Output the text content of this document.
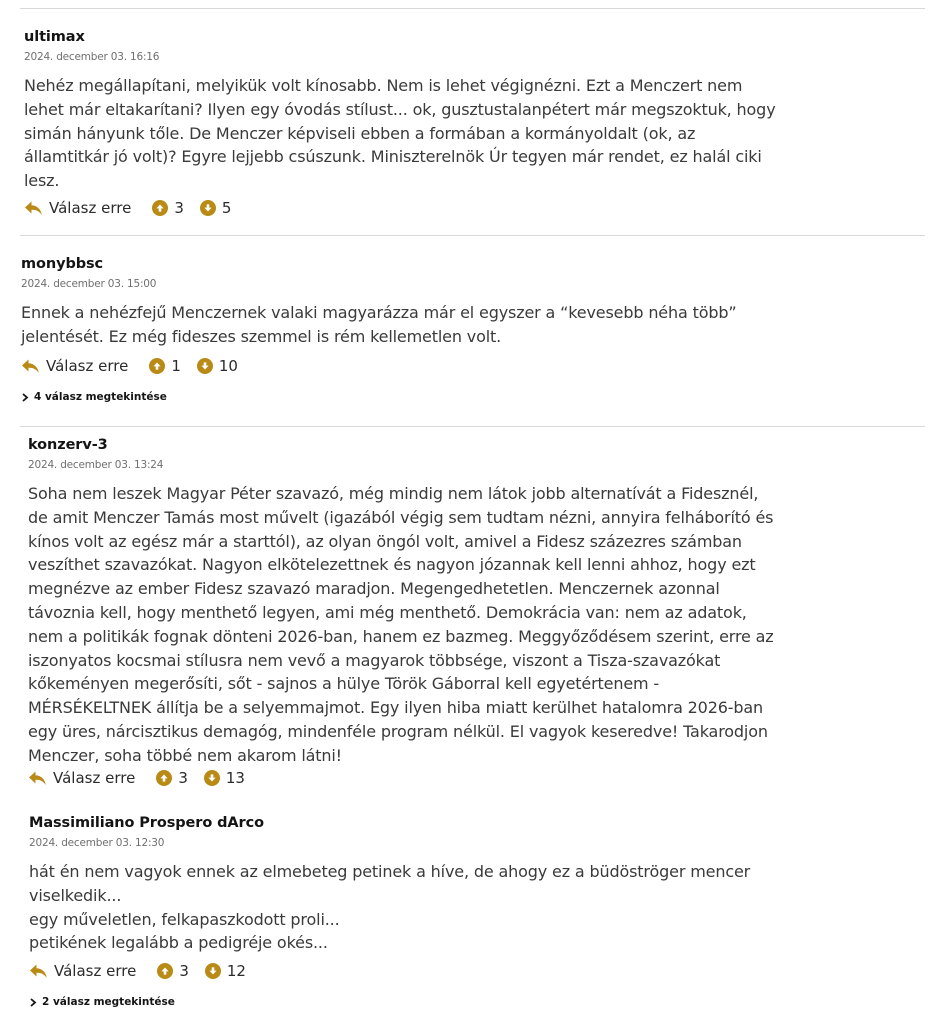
ultimax
2024. december 03. 16:16
Nehéz megállapítani, melyikük volt kínosabb. Nem is lehet végignézni. Ezt a Menczert nem
lehet már eltakarítani? Ilyen egy óvodás stílust... ok, gusztustalanpétert már megszoktuk, hogy
simán hányunk tőle. De Menczer képviseli ebben a formában a kormányoldalt (ok, az
államtitkár jó volt)? Egyre lejjebb csúszunk. Miniszterelnök Úr tegyen már rendet, ez halál ciki
lesz.
Válasz erre	3	5
monybbsc
2024. december 03. 15:00
Ennek a nehézfejű Menczernek valaki magyarázza már el egyszer a “kevesebb néha több”
jelentését. Ez még fideszes szemmel is rém kellemetlen volt.
Válasz erre	1	10
4 válasz megtekintése
konzerv-3
2024. december 03. 13:24
Soha nem leszek Magyar Péter szavazó, még mindig nem látok jobb alternatívát a Fidesznél,
de amit Menczer Tamás most művelt (igazából végig sem tudtam nézni, annyira felháborító és
kínos volt az egész már a starttól), az olyan öngól volt, amivel a Fidesz százezres számban
veszíthet szavazókat. Nagyon elkötelezettnek és nagyon józannak kell lenni ahhoz, hogy ezt
megnézve az ember Fidesz szavazó maradjon. Megengedhetetlen. Menczernek azonnal
távoznia kell, hogy menthető legyen, ami még menthető. Demokrácia van: nem az adatok,
nem a politikák fognak dönteni 2026-ban, hanem ez bazmeg. Meggyőződésem szerint, erre az
iszonyatos kocsmai stílusra nem vevő a magyarok többsége, viszont a Tisza-szavazókat
kőkeményen megerősíti, sőt - sajnos a hülye Török Gáborral kell egyetértenem -
MÉRSÉKELTNEK állítja be a selyemmajmot. Egy ilyen hiba miatt kerülhet hatalomra 2026-ban
egy üres, nárcisztikus demagóg, mindenféle program nélkül. El vagyok keseredve! Takarodjon
Menczer, soha többé nem akarom látni!
Válasz erre	3	13
Massimiliano Prospero dArco
2024. december 03. 12:30
hát én nem vagyok ennek az elmebeteg petinek a híve, de ahogy ez a büdöströger mencer
viselkedik...
egy műveletlen, felkapaszkodott proli...
petikének legalább a pedigréje okés...
Válasz erre	3	12
2 válasz megtekintése
